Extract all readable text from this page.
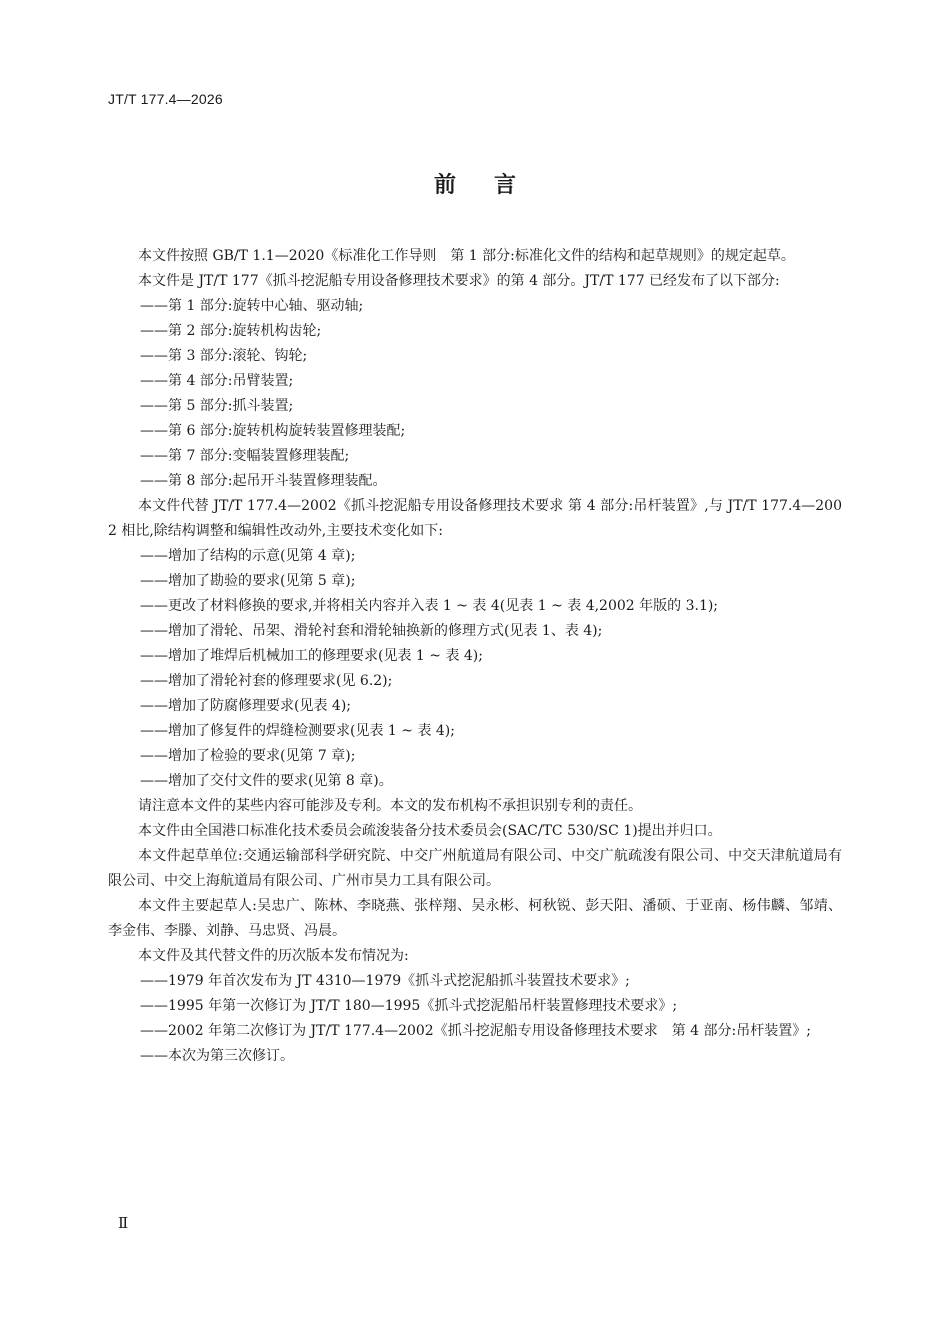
JT/T 177.4—2026
前言

本文件按照 GB/T 1.1—2020《标准化工作导则　第 1 部分:标准化文件的结构和起草规则》的规定起草。

本文件是 JT/T 177《抓斗挖泥船专用设备修理技术要求》的第 4 部分。JT/T 177 已经发布了以下部分:

——第 1 部分:旋转中心轴、驱动轴;

——第 2 部分:旋转机构齿轮;

——第 3 部分:滚轮、钩轮;

——第 4 部分:吊臂装置;

——第 5 部分:抓斗装置;

——第 6 部分:旋转机构旋转装置修理装配;

——第 7 部分:变幅装置修理装配;

——第 8 部分:起吊开斗装置修理装配。

本文件代替 JT/T 177.4—2002《抓斗挖泥船专用设备修理技术要求 第 4 部分:吊杆装置》,与 JT/T 177.4—2002 相比,除结构调整和编辑性改动外,主要技术变化如下:

——增加了结构的示意(见第 4 章);

——增加了勘验的要求(见第 5 章);

——更改了材料修换的要求,并将相关内容并入表 1 ~ 表 4(见表 1 ~ 表 4,2002 年版的 3.1);

——增加了滑轮、吊架、滑轮衬套和滑轮轴换新的修理方式(见表 1、表 4);

——增加了堆焊后机械加工的修理要求(见表 1 ~ 表 4);

——增加了滑轮衬套的修理要求(见 6.2);

——增加了防腐修理要求(见表 4);

——增加了修复件的焊缝检测要求(见表 1 ~ 表 4);

——增加了检验的要求(见第 7 章);

——增加了交付文件的要求(见第 8 章)。

请注意本文件的某些内容可能涉及专利。本文的发布机构不承担识别专利的责任。

本文件由全国港口标准化技术委员会疏浚装备分技术委员会(SAC/TC 530/SC 1)提出并归口。

本文件起草单位:交通运输部科学研究院、中交广州航道局有限公司、中交广航疏浚有限公司、中交天津航道局有限公司、中交上海航道局有限公司、广州市昊力工具有限公司。

本文件主要起草人:吴忠广、陈林、李晓燕、张梓翔、吴永彬、柯秋锐、彭天阳、潘硕、于亚南、杨伟麟、邹靖、李金伟、李滕、刘静、马忠贤、冯晨。

本文件及其代替文件的历次版本发布情况为:

——1979 年首次发布为 JT 4310—1979《抓斗式挖泥船抓斗装置技术要求》;

——1995 年第一次修订为 JT/T 180—1995《抓斗式挖泥船吊杆装置修理技术要求》;

——2002 年第二次修订为 JT/T 177.4—2002《抓斗挖泥船专用设备修理技术要求　第 4 部分:吊杆装置》;

——本次为第三次修订。

Ⅱ
